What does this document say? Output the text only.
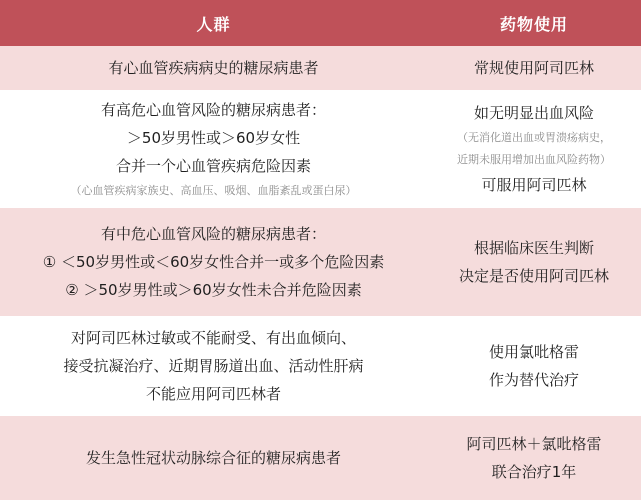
人群	药物使用
有心血管疾病病史的糖尿病患者	常规使用阿司匹林
有高危心血管风险的糖尿病患者：
＞50岁男性或＞60岁女性
合并一个心血管疾病危险因素
（心血管疾病家族史、高血压、吸烟、血脂紊乱或蛋白尿）
如无明显出血风险
（无消化道出血或胃溃疡病史，
近期未服用增加出血风险药物）
可服用阿司匹林
有中危心血管风险的糖尿病患者：
① ＜50岁男性或＜60岁女性合并一或多个危险因素
② ＞50岁男性或＞60岁女性未合并危险因素
根据临床医生判断
决定是否使用阿司匹林
对阿司匹林过敏或不能耐受、有出血倾向、
接受抗凝治疗、近期胃肠道出血、活动性肝病
不能应用阿司匹林者
使用氯吡格雷
作为替代治疗
发生急性冠状动脉综合征的糖尿病患者
阿司匹林＋氯吡格雷
联合治疗1年
